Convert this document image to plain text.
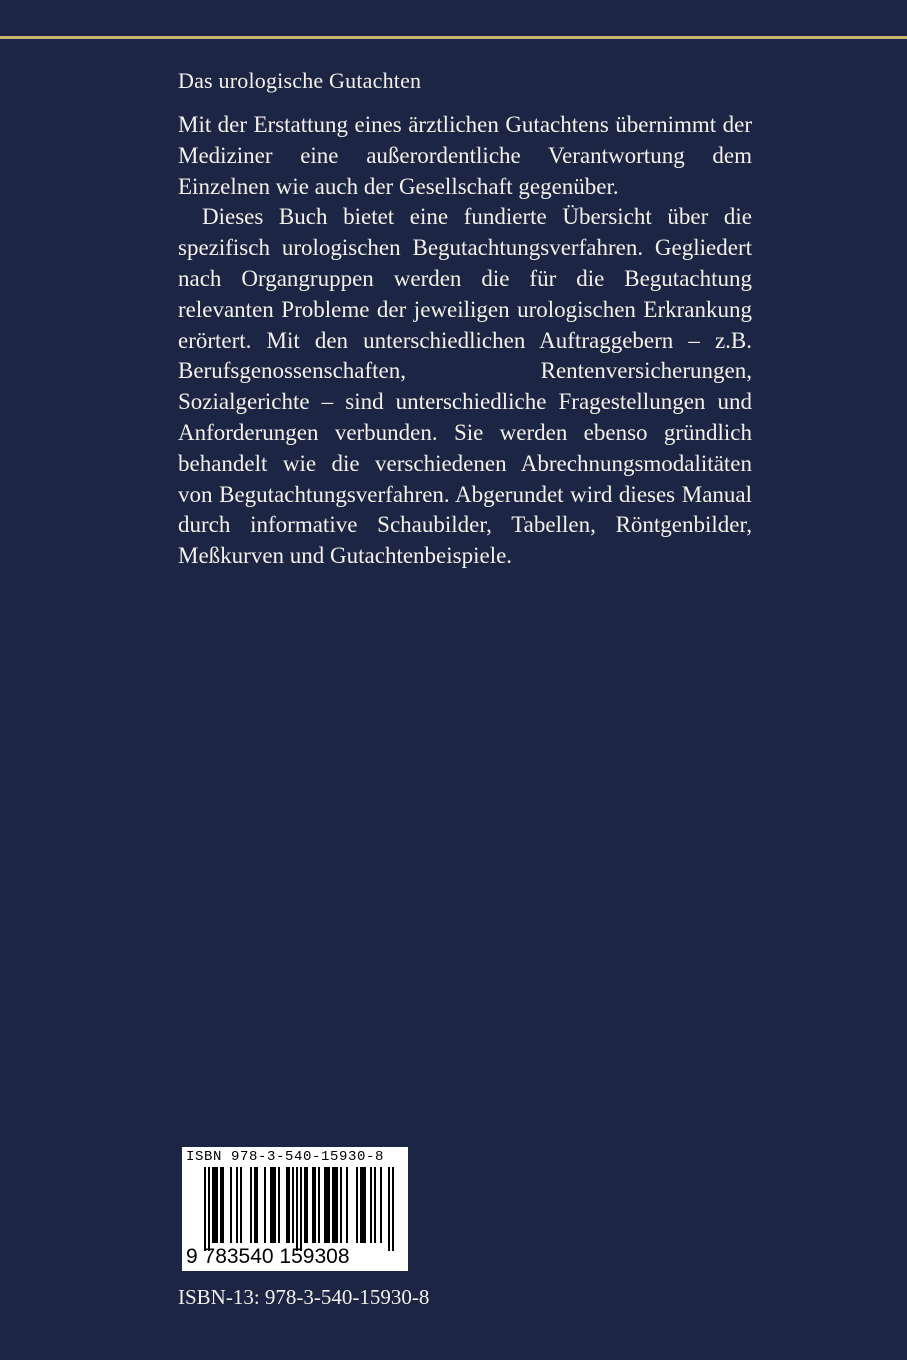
Das urologische Gutachten

Mit der Erstattung eines ärztlichen Gutachtens übernimmt der Mediziner eine außerordentliche Verantwortung dem Einzelnen wie auch der Gesellschaft gegenüber.

Dieses Buch bietet eine fundierte Übersicht über die spezifisch urologischen Begutachtungsverfahren. Gegliedert nach Organgruppen werden die für die Begutachtung relevanten Probleme der jeweiligen urologischen Erkrankung erörtert. Mit den unterschiedlichen Auftraggebern – z.B. Berufsgenossenschaften, Rentenversicherungen, Sozialgerichte – sind unterschiedliche Fragestellungen und Anforderungen verbunden. Sie werden ebenso gründlich behandelt wie die verschiedenen Abrechnungsmodalitäten von Begutachtungsverfahren. Abgerundet wird dieses Manual durch informative Schaubilder, Tabellen, Röntgenbilder, Meßkurven und Gutachtenbeispiele.

ISBN 978-3-540-15930-8
9 783540 159308
ISBN-13: 978-3-540-15930-8
